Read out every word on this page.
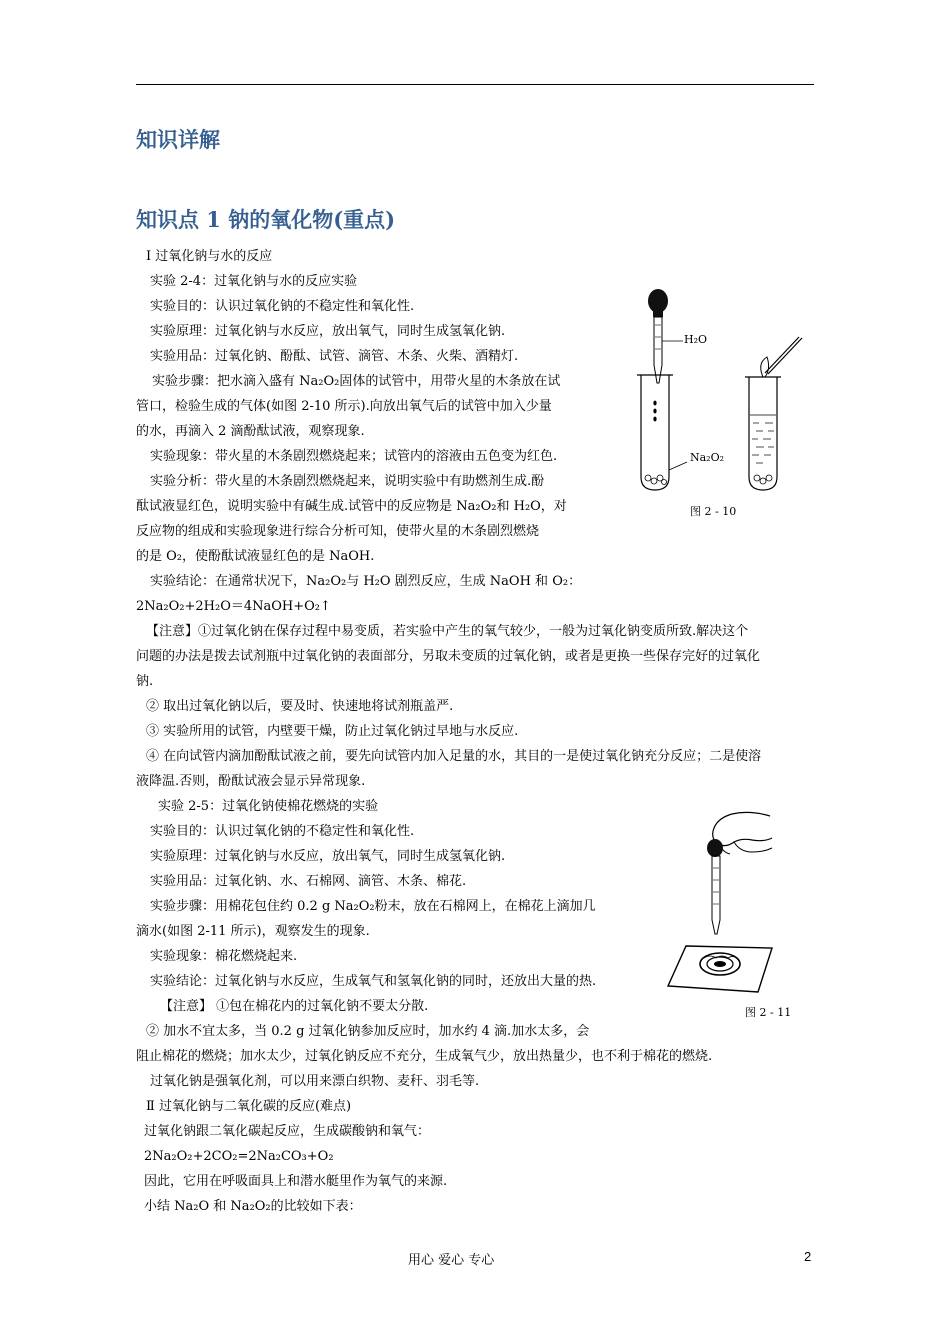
知识详解
知识点 1 钠的氧化物(重点)
Ⅰ 过氧化钠与水的反应
实验 2-4：过氧化钠与水的反应实验
实验目的：认识过氧化钠的不稳定性和氧化性.
实验原理：过氧化钠与水反应，放出氧气，同时生成氢氧化钠.
实验用品：过氧化钠、酚酞、试管、滴管、木条、火柴、酒精灯.
实验步骤：把水滴入盛有 Na₂O₂固体的试管中，用带火星的木条放在试
管口，检验生成的气体(如图 2-10 所示).向放出氧气后的试管中加入少量
的水，再滴入 2 滴酚酞试液，观察现象.
实验现象：带火星的木条剧烈燃烧起来；试管内的溶液由五色变为红色.
实验分析：带火星的木条剧烈燃烧起来，说明实验中有助燃剂生成.酚
酞试液显红色，说明实验中有碱生成.试管中的反应物是 Na₂O₂和 H₂O，对
反应物的组成和实验现象进行综合分析可知，使带火星的木条剧烈燃烧
的是 O₂，使酚酞试液显红色的是 NaOH.
实验结论：在通常状况下，Na₂O₂与 H₂O 剧烈反应，生成 NaOH 和 O₂：
2Na₂O₂+2H₂O＝4NaOH+O₂↑
【注意】①过氧化钠在保存过程中易变质，若实验中产生的氧气较少，一般为过氧化钠变质所致.解决这个
问题的办法是拨去试剂瓶中过氧化钠的表面部分，另取未变质的过氧化钠，或者是更换一些保存完好的过氧化
钠.
② 取出过氧化钠以后，要及时、快速地将试剂瓶盖严.
③ 实验所用的试管，内壁要干燥，防止过氧化钠过早地与水反应.
④ 在向试管内滴加酚酞试液之前，要先向试管内加入足量的水，其目的一是使过氧化钠充分反应；二是使溶
液降温.否则，酚酞试液会显示异常现象.
实验 2-5：过氧化钠使棉花燃烧的实验
实验目的：认识过氧化钠的不稳定性和氧化性.
实验原理：过氧化钠与水反应，放出氧气，同时生成氢氧化钠.
实验用品：过氧化钠、水、石棉网、滴管、木条、棉花.
实验步骤：用棉花包住约 0.2 g Na₂O₂粉末，放在石棉网上，在棉花上滴加几
滴水(如图 2-11 所示)，观察发生的现象.
实验现象：棉花燃烧起来.
实验结论：过氧化钠与水反应，生成氧气和氢氧化钠的同时，还放出大量的热.
【注意】 ①包在棉花内的过氧化钠不要太分散.
② 加水不宜太多，当 0.2 g 过氧化钠参加反应时，加水约 4 滴.加水太多，会
阻止棉花的燃烧；加水太少，过氧化钠反应不充分，生成氧气少，放出热量少，也不利于棉花的燃烧.
过氧化钠是强氧化剂，可以用来漂白织物、麦秆、羽毛等.
Ⅱ 过氧化钠与二氧化碳的反应(难点)
过氧化钠跟二氧化碳起反应，生成碳酸钠和氧气：
2Na₂O₂+2CO₂=2Na₂CO₃+O₂
因此，它用在呼吸面具上和潜水艇里作为氧气的来源.
小结 Na₂O 和 Na₂O₂的比较如下表：
H₂O
Na₂O₂
图 2 - 10
图 2 - 11
用心 爱心 专心	2
